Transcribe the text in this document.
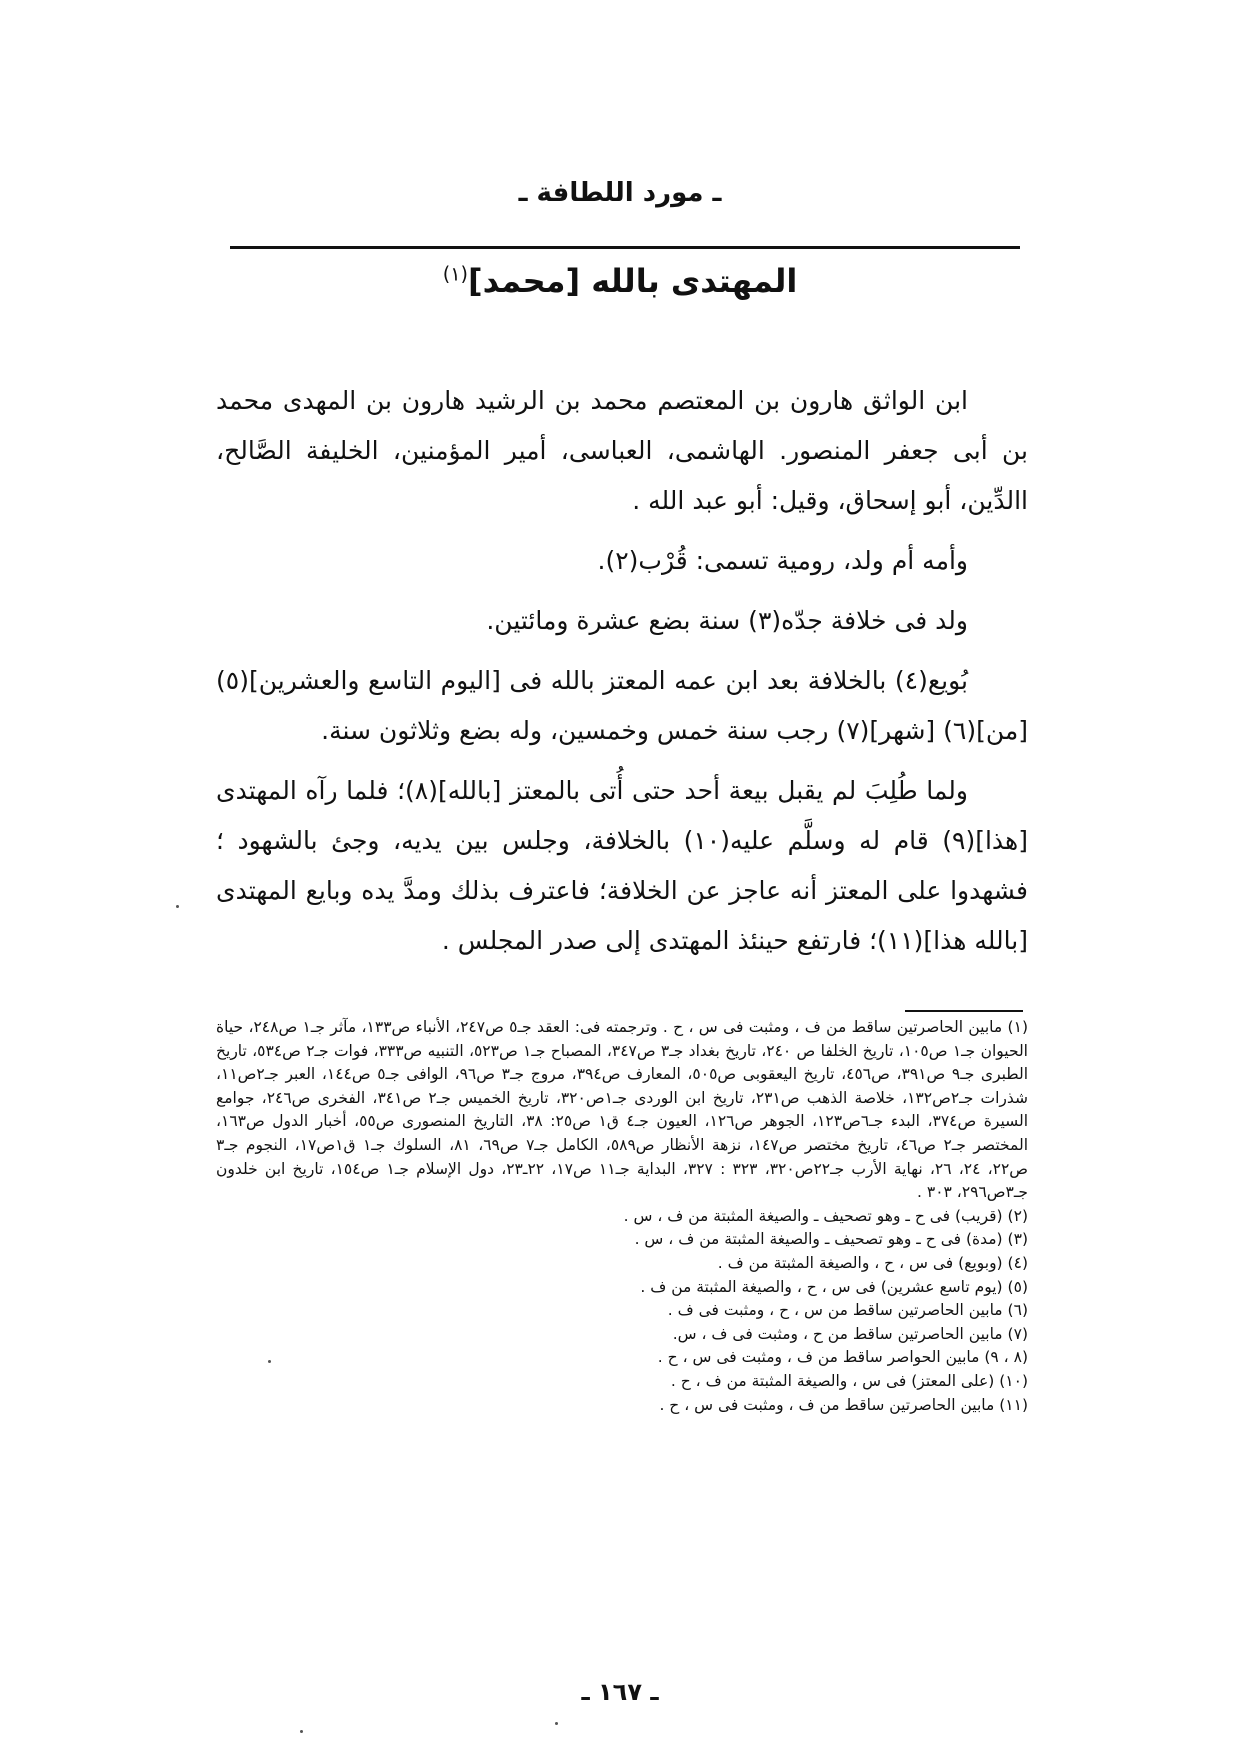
ـ مورد اللطافة ـ
المهتدى بالله [محمد]$^{(١)}$

ابن الواثق هارون بن المعتصم محمد بن الرشيد هارون بن المهدى محمد بن أبى جعفر المنصور. الهاشمى، العباسى، أمير المؤمنين، الخليفة الصَّالح، االدِّين، أبو إسحاق، وقيل: أبو عبد الله .

وأمه أم ولد، رومية تسمى: قُرْب(٢).

ولد فى خلافة جدّه(٣) سنة بضع عشرة ومائتين.

بُويع(٤) بالخلافة بعد ابن عمه المعتز بالله فى [اليوم التاسع والعشرين](٥) [من](٦) [شهر](٧) رجب سنة خمس وخمسين، وله بضع وثلاثون سنة.

ولما طُلِبَ لم يقبل بيعة أحد حتى أُتى بالمعتز [بالله](٨)؛ فلما رآه المهتدى [هذا](٩) قام له وسلَّم عليه(١٠) بالخلافة، وجلس بين يديه، وجئ بالشهود ؛ فشهدوا على المعتز أنه عاجز عن الخلافة؛ فاعترف بذلك ومدَّ يده وبايع المهتدى [بالله هذا](١١)؛ فارتفع حينئذ المهتدى إلى صدر المجلس .

(١) مابين الحاصرتين ساقط من ف ، ومثبت فى س ، ح . وترجمته فى: العقد جـ٥ ص٢٤٧، الأنباء ص١٣٣، مآثر جـ١ ص٢٤٨، حياة الحيوان جـ١ ص١٠٥، تاريخ الخلفا ص ٢٤٠، تاريخ بغداد جـ٣ ص٣٤٧، المصباح جـ١ ص٥٢٣، التنبيه ص٣٣٣، فوات جـ٢ ص٥٣٤، تاريخ الطبرى جـ٩ ص٣٩١، ص٤٥٦، تاريخ اليعقوبى ص٥٠٥، المعارف ص٣٩٤، مروج جـ٣ ص٩٦، الوافى جـ٥ ص١٤٤، العبر جـ٢ص١١، شذرات جـ٢ص١٣٢، خلاصة الذهب ص٢٣١، تاريخ ابن الوردى جـ١ص٣٢٠، تاريخ الخميس جـ٢ ص٣٤١، الفخرى ص٢٤٦، جوامع السيرة ص٣٧٤، البدء جـ٦ص١٢٣، الجوهر ص١٢٦، العيون جـ٤ ق١ ص٢٥: ٣٨، التاريخ المنصورى ص٥٥، أخبار الدول ص١٦٣، المختصر جـ٢ ص٤٦، تاريخ مختصر ص١٤٧، نزهة الأنظار ص٥٨٩، الكامل جـ٧ ص٦٩، ٨١، السلوك جـ١ ق١ص١٧، النجوم جـ٣ ص٢٢، ٢٤، ٢٦، نهاية الأرب جـ٢٢ص٣٢٠، ٣٢٣ : ٣٢٧، البداية جـ١١ ص١٧، ٢٢ـ٢٣، دول الإسلام جـ١ ص١٥٤، تاريخ ابن خلدون جـ٣ص٢٩٦، ٣٠٣ .

(٢) (قريب) فى ح ـ وهو تصحيف ـ والصيغة المثبتة من ف ، س .

(٣) (مدة) فى ح ـ وهو تصحيف ـ والصيغة المثبتة من ف ، س .

(٤) (وبويع) فى س ، ح ، والصيغة المثبتة من ف .

(٥) (يوم تاسع عشرين) فى س ، ح ، والصيغة المثبتة من ف .

(٦) مابين الحاصرتين ساقط من س ، ح ، ومثبت فى ف .

(٧) مابين الحاصرتين ساقط من ح ، ومثبت فى ف ، س.

(٨ ، ٩) مابين الحواصر ساقط من ف ، ومثبت فى س ، ح .

(١٠) (على المعتز) فى س ، والصيغة المثبتة من ف ، ح .

(١١) مابين الحاصرتين ساقط من ف ، ومثبت فى س ، ح .

ـ ١٦٧ ـ
